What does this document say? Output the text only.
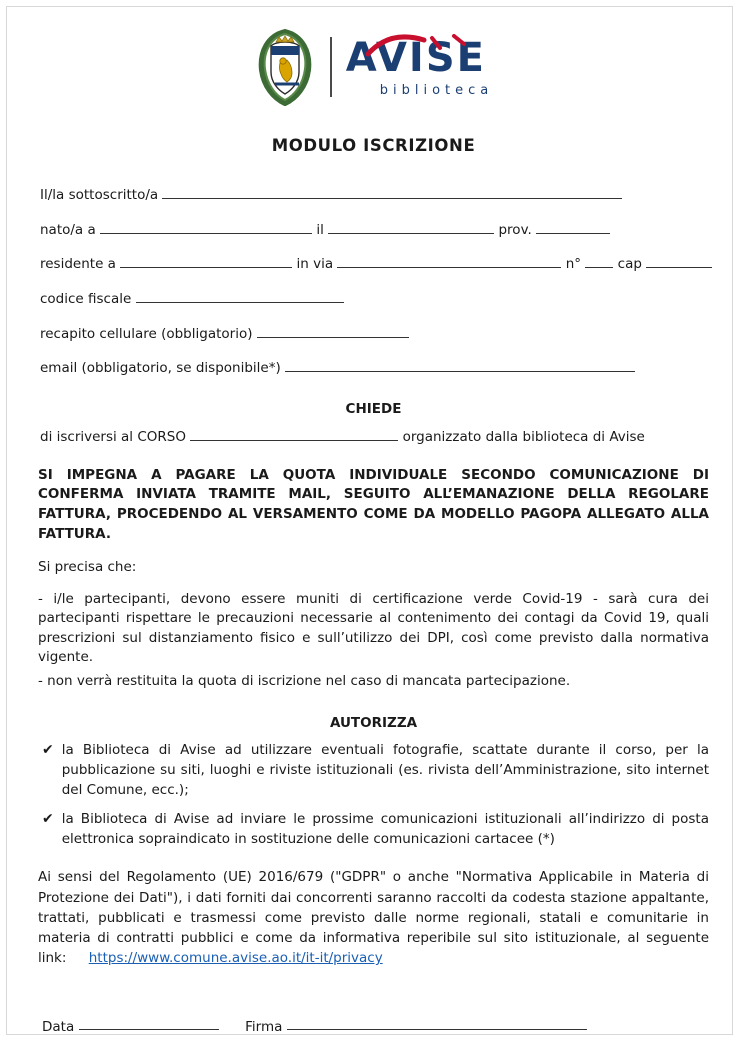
AVISE
biblioteca
MODULO ISCRIZIONE
Il/la sottoscritto/a
nato/a a	il	prov.
residente a	in via	n°	cap
codice fiscale
recapito cellulare (obbligatorio)
email (obbligatorio, se disponibile*)
CHIEDE
di iscriversi al CORSO	organizzato dalla biblioteca di Avise
SI IMPEGNA A PAGARE LA QUOTA INDIVIDUALE SECONDO COMUNICAZIONE DI CONFERMA INVIATA TRAMITE MAIL, SEGUITO ALL’EMANAZIONE DELLA REGOLARE FATTURA, PROCEDENDO AL VERSAMENTO COME DA MODELLO PAGOPA ALLEGATO ALLA FATTURA.
Si precisa che:
- i/le partecipanti, devono essere muniti di certificazione verde Covid-19 - sarà cura dei partecipanti rispettare le precauzioni necessarie al contenimento dei contagi da Covid 19, quali prescrizioni sul distanziamento fisico e sull’utilizzo dei DPI, così come previsto dalla normativa vigente.
- non verrà restituita la quota di iscrizione nel caso di mancata partecipazione.
AUTORIZZA
✔ la Biblioteca di Avise ad utilizzare eventuali fotografie, scattate durante il corso, per la pubblicazione su siti, luoghi e riviste istituzionali (es. rivista dell’Amministrazione, sito internet del Comune, ecc.);
✔ la Biblioteca di Avise ad inviare le prossime comunicazioni istituzionali all’indirizzo di posta elettronica sopraindicato in sostituzione delle comunicazioni cartacee (*)
Ai sensi del Regolamento (UE) 2016/679 ("GDPR" o anche "Normativa Applicabile in Materia di Protezione dei Dati"), i dati forniti dai concorrenti saranno raccolti da codesta stazione appaltante, trattati, pubblicati e trasmessi come previsto dalle norme regionali, statali e comunitarie in materia di contratti pubblici e come da informativa reperibile sul sito istituzionale, al seguente link: https://www.comune.avise.ao.it/it-it/privacy
Data	Firma
